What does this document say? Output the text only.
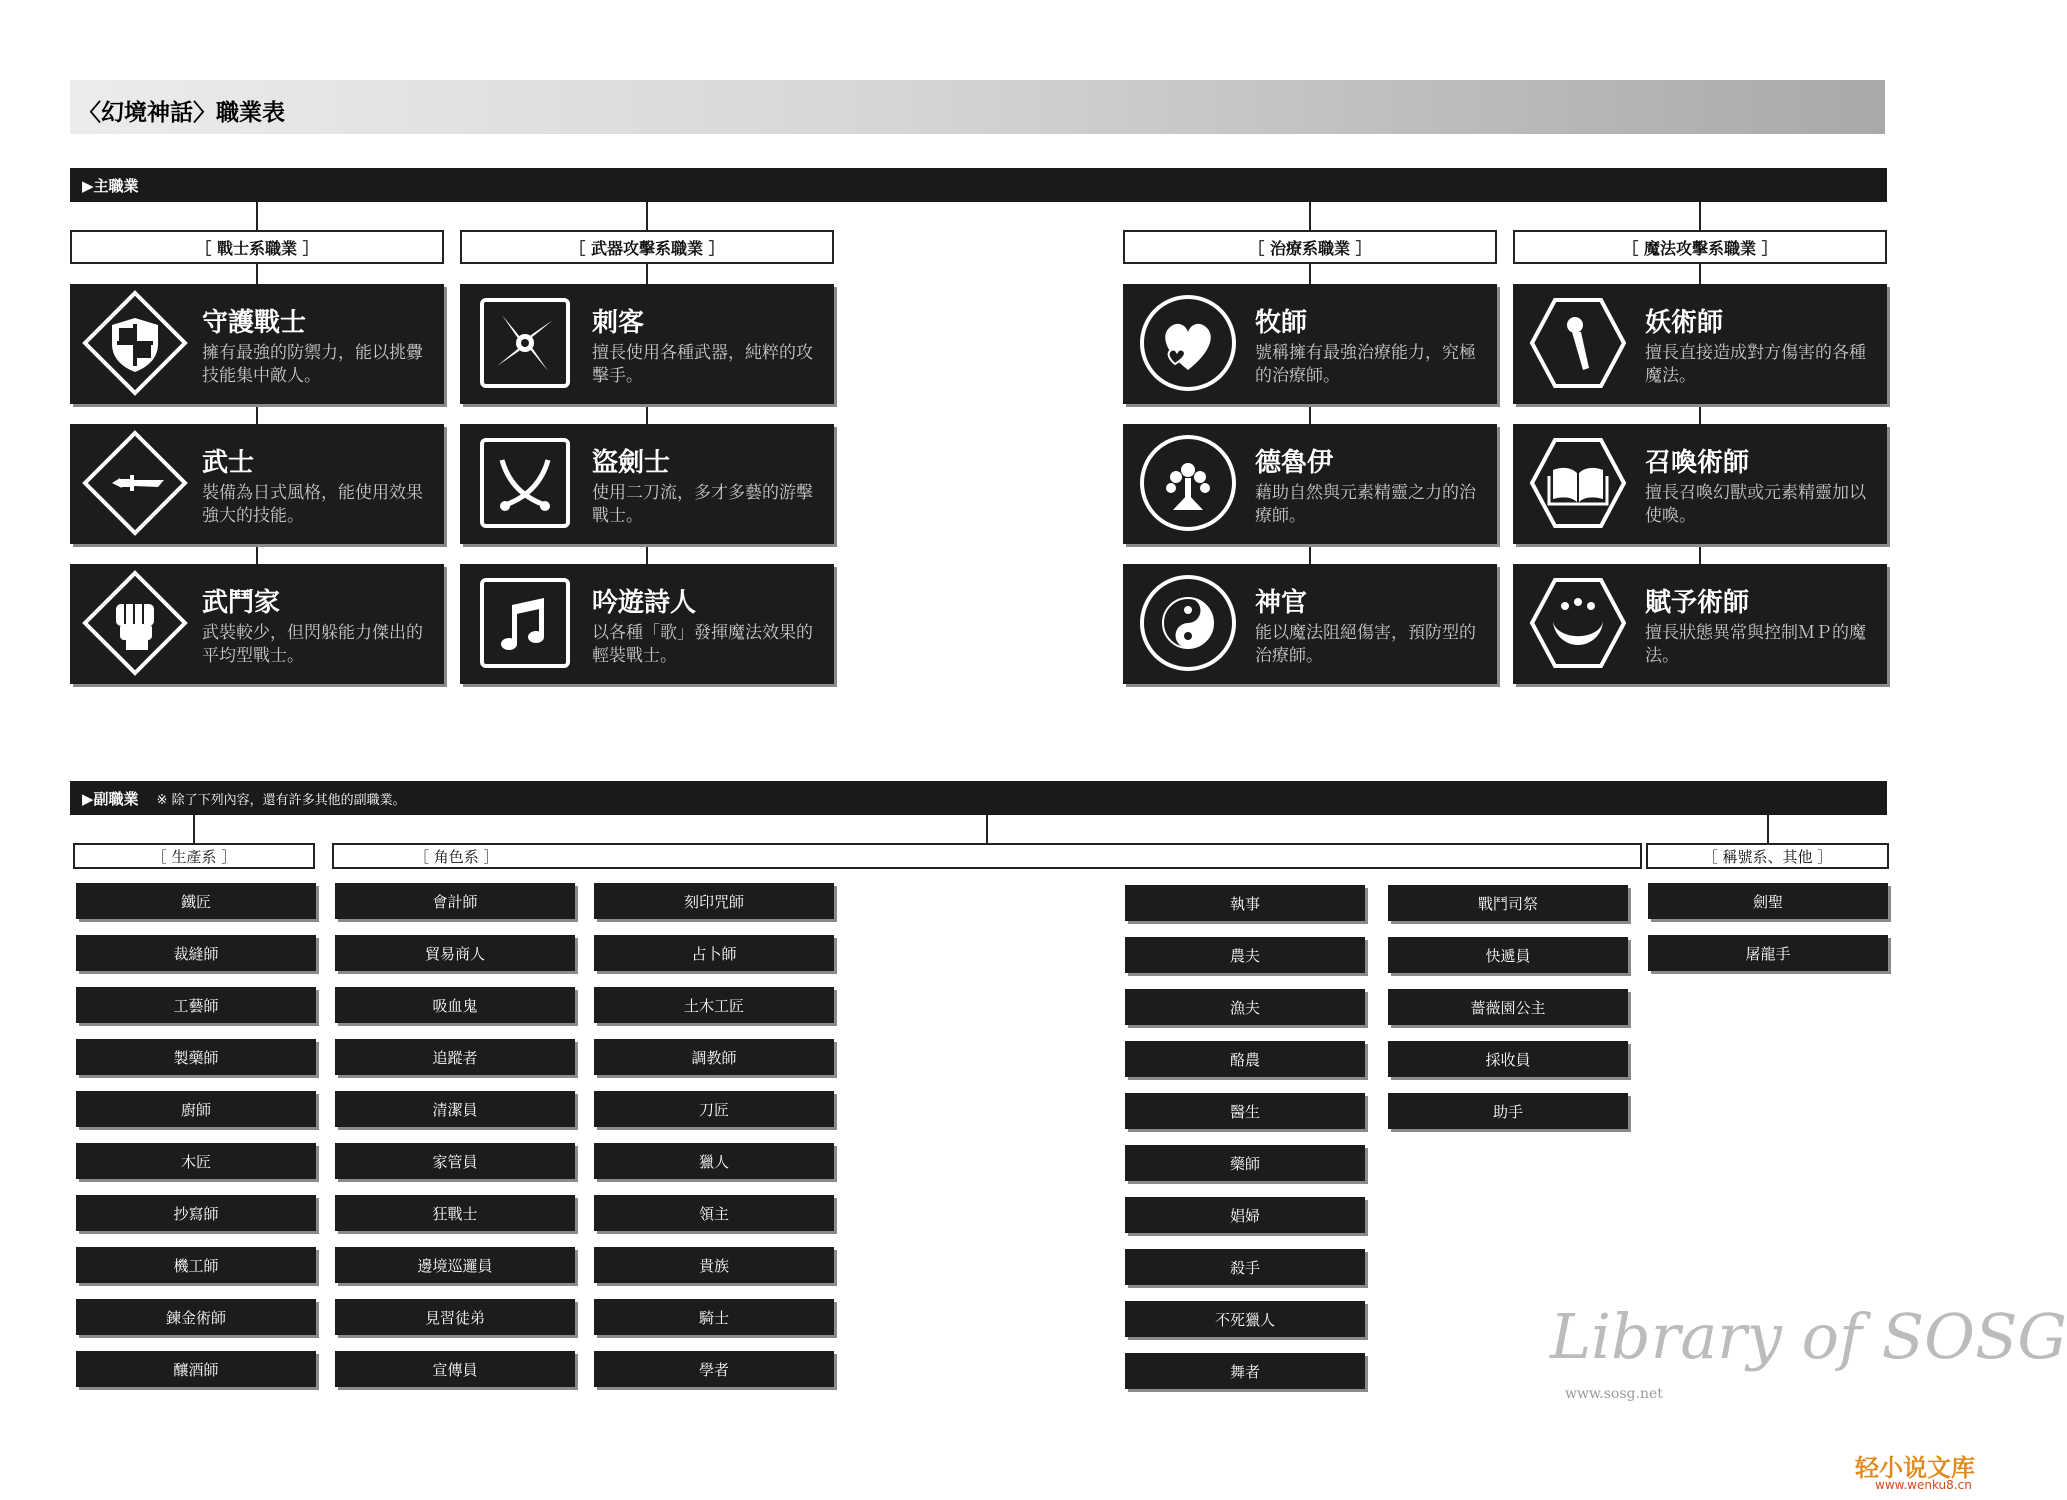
〈幻境神話〉職業表
▶主職業
［ 戰士系職業 ］
守護戰士
擁有最強的防禦力，能以挑釁技能集中敵人。
武士
裝備為日式風格，能使用效果強大的技能。
武鬥家
武裝較少，但閃躲能力傑出的平均型戰士。
［ 武器攻擊系職業 ］
刺客
擅長使用各種武器，純粹的攻擊手。
盜劍士
使用二刀流，多才多藝的游擊戰士。
吟遊詩人
以各種「歌」發揮魔法效果的輕裝戰士。
［ 治療系職業 ］
牧師
號稱擁有最強治療能力，究極的治療師。
德魯伊
藉助自然與元素精靈之力的治療師。
神官
能以魔法阻絕傷害，預防型的治療師。
［ 魔法攻擊系職業 ］
妖術師
擅長直接造成對方傷害的各種魔法。
召喚術師
擅長召喚幻獸或元素精靈加以使喚。
賦予術師
擅長狀態異常與控制ＭＰ的魔法。
▶副職業 ※ 除了下列內容，還有許多其他的副職業。
［ 生產系 ］
鐵匠
裁縫師
工藝師
製藥師
廚師
木匠
抄寫師
機工師
鍊金術師
釀酒師
［ 角色系 ］
會計師
貿易商人
吸血鬼
追蹤者
清潔員
家管員
狂戰士
邊境巡邏員
見習徒弟
宣傳員
刻印咒師
占卜師
土木工匠
調教師
刀匠
獵人
領主
貴族
騎士
學者
執事
農夫
漁夫
酪農
醫生
藥師
娼婦
殺手
不死獵人
舞者
戰鬥司祭
快遞員
薔薇園公主
採收員
助手
［ 稱號系、其他 ］
劍聖
屠龍手
Library of SOSG
www.sosg.net
轻小说文库
www.wenku8.cn
